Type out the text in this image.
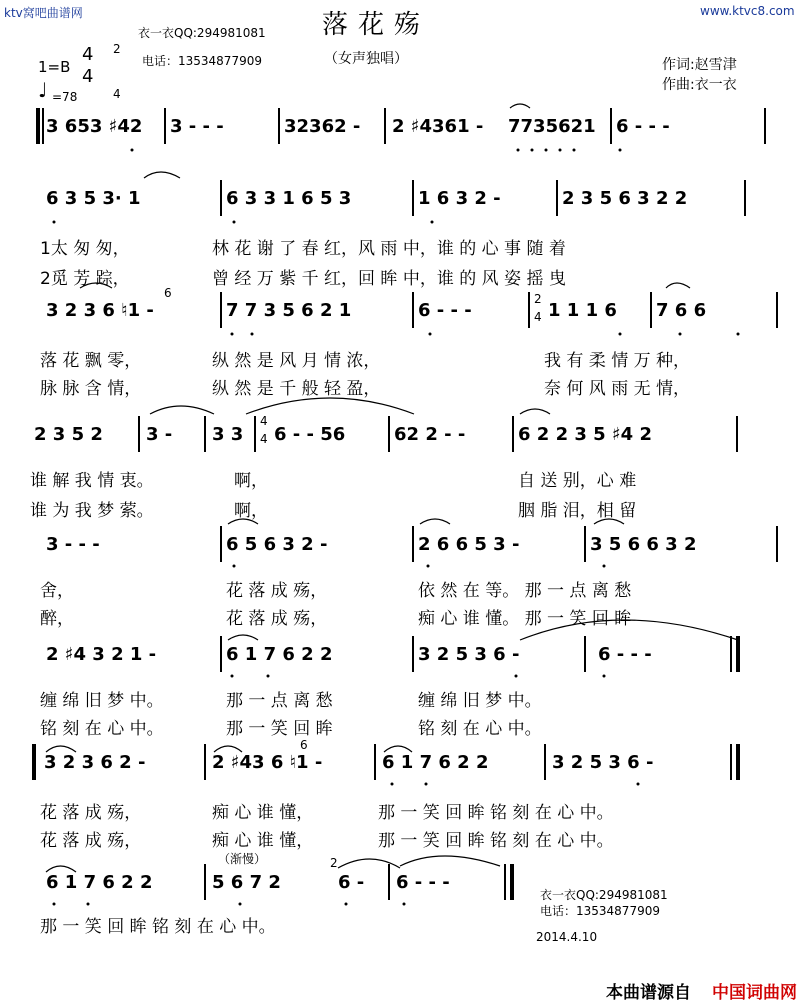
ktv窝吧曲谱网	www.ktvc8.com
衣一衣QQ:294981081 落花殇
（女声独唱）
电话：13534877909
1=B
4
4
2
4
♩ =78
作词:赵雪津
作曲:衣一衣
3 653 ♯42 3 - - -	32362 - 2 ♯4361 - 7735621 6 - - -
6 3 5 3· 1	6 3 3 1 6 5 3	1 6 3 2 -	2 3 5 6 3 2 2
1太 匆 匆，	林 花 谢 了 春 红，风 雨 中，谁 的 心 事 随 着
2觅 芳 踪，	曾 经 万 紫 千 红，回 眸 中，谁 的 风 姿 摇 曳
3 2 3 6 ♮1 -
6
7 7 3 5 6 2 1	6 - - -
2
4 1 1 1 6 7 6 6
落 花 飘 零，	纵 然 是 风 月 情 浓，	我 有 柔 情 万 种，
脉 脉 含 情，	纵 然 是 千 般 轻 盈，	奈 何 风 雨 无 情，
2 3 5 2 3 - 3 3
4
4 6 - - 56	62 2 - -	6 2 2 3 5 ♯4 2
谁 解 我 情 衷。	啊，	自 送 别，心 难
谁 为 我 梦 萦。	啊，	胭 脂 泪，相 留
3 - - -	6 5 6 3 2 -	2 6 6 5 3 -	3 5 6 6 3 2
舍，	花 落 成 殇，	依 然 在 等。 那 一 点 离 愁
醉，	花 落 成 殇，	痴 心 谁 懂。 那 一 笑 回 眸
2 ♯4 3 2 1 -	6 1 7 6 2 2	3 2 5 3 6 -	6 - - -
缠 绵 旧 梦 中。	那 一 点 离 愁	缠 绵 旧 梦 中。
铭 刻 在 心 中。	那 一 笑 回 眸	铭 刻 在 心 中。
3 2 3 6 2 -	2 ♯43 6 ♮1 -
6
6 1 7 6 2 2	3 2 5 3 6 -
花 落 成 殇，	痴 心 谁 懂，	那 一 笑 回 眸 铭 刻 在 心 中。
花 落 成 殇，	痴 心 谁 懂，	那 一 笑 回 眸 铭 刻 在 心 中。
（渐慢）
6 1 7 6 2 2	5 6 7 2
2
6 - 6 - - -
那 一 笑 回 眸 铭 刻 在 心 中。
衣一衣QQ:294981081
电话：13534877909
2014.4.10
本曲谱源自 中国词曲网
